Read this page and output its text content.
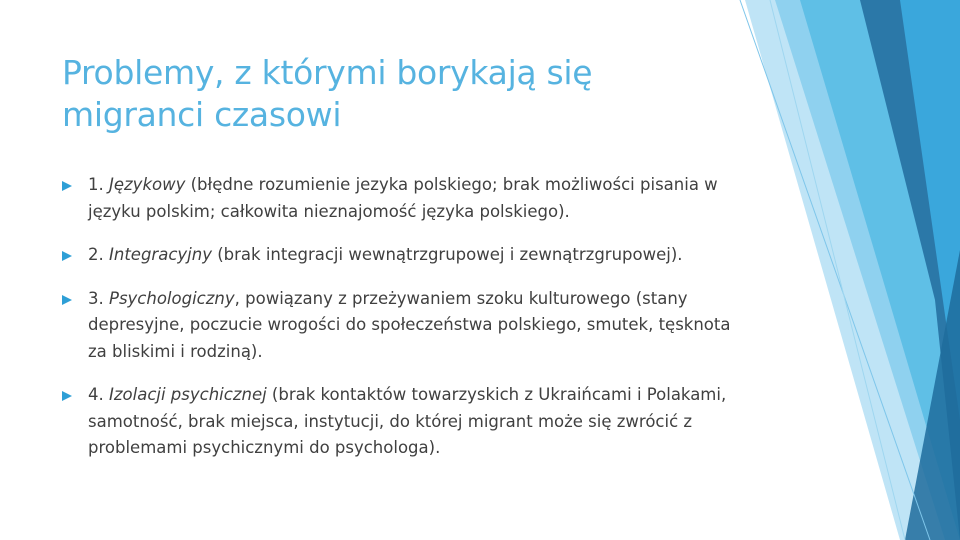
Problemy, z którymi borykają się migranci czasowi
1. Językowy (błędne rozumienie jezyka polskiego; brak możliwości pisania w języku polskim; całkowita nieznajomość języka polskiego).
2. Integracyjny (brak integracji wewnątrzgrupowej i zewnątrzgrupowej).
3. Psychologiczny, powiązany z przeżywaniem szoku kulturowego (stany depresyjne, poczucie wrogości do społeczeństwa polskiego, smutek, tęsknota za bliskimi i rodziną).
4. Izolacji psychicznej (brak kontaktów towarzyskich z Ukraińcami i Polakami, samotność, brak miejsca, instytucji, do której migrant może się zwrócić z problemami psychicznymi do psychologa).
